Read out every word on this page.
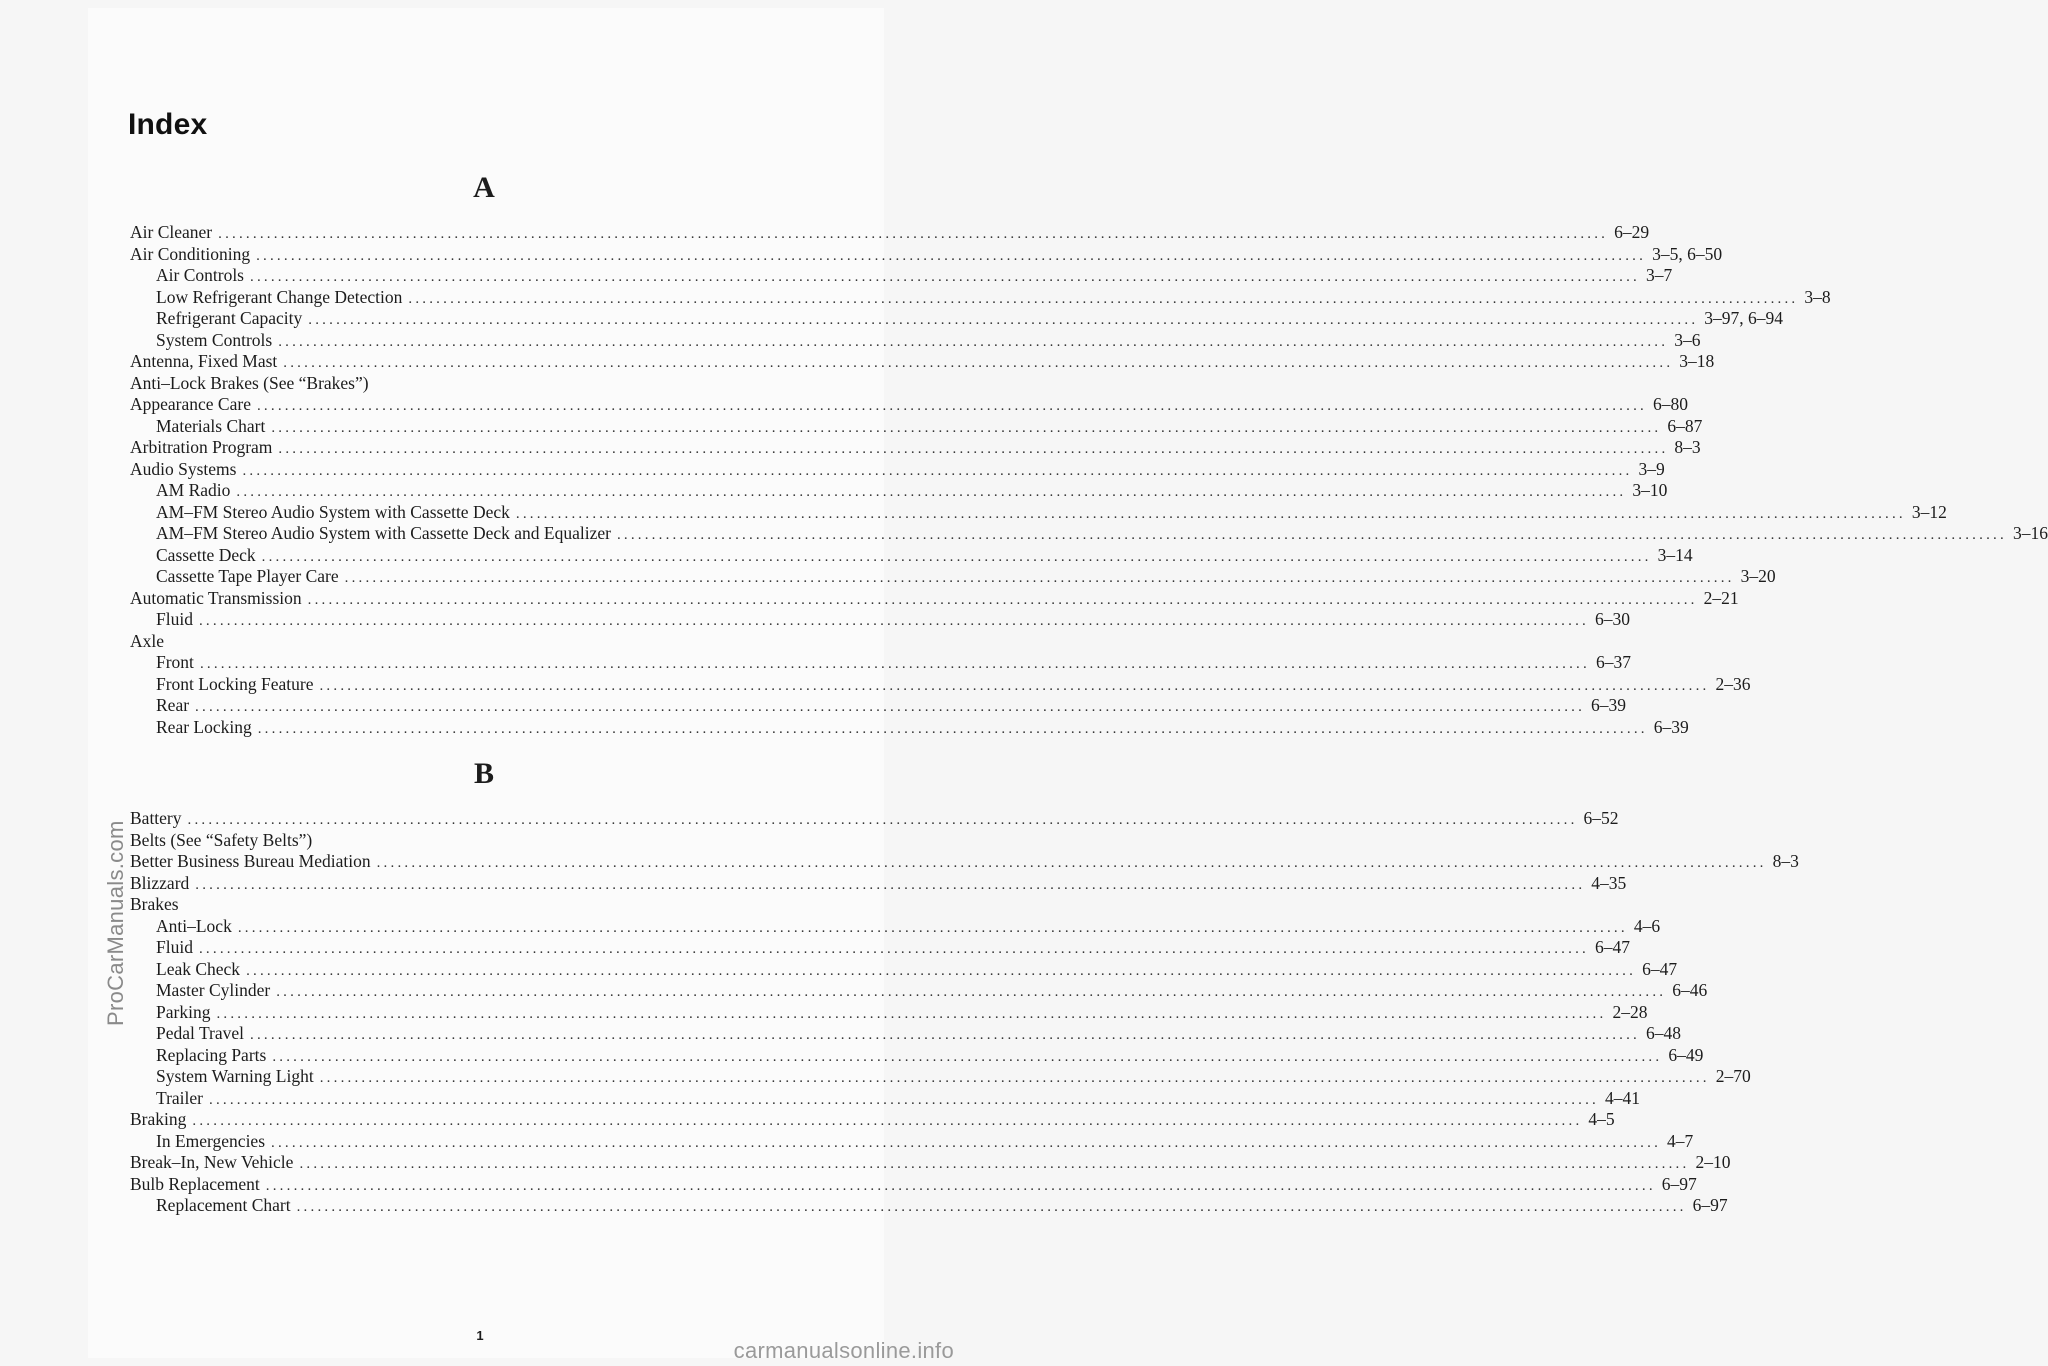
Index
A
Air Cleaner ........................................................................................................................................................................................................ 6–29
Air Conditioning ........................................................................................................................................................................................................ 3–5, 6–50
Air Controls ........................................................................................................................................................................................................ 3–7
Low Refrigerant Change Detection ........................................................................................................................................................................................................ 3–8
Refrigerant Capacity ........................................................................................................................................................................................................ 3–97, 6–94
System Controls ........................................................................................................................................................................................................ 3–6
Antenna, Fixed Mast ........................................................................................................................................................................................................ 3–18
Anti–Lock Brakes (See “Brakes”)
Appearance Care ........................................................................................................................................................................................................ 6–80
Materials Chart ........................................................................................................................................................................................................ 6–87
Arbitration Program ........................................................................................................................................................................................................ 8–3
Audio Systems ........................................................................................................................................................................................................ 3–9
AM Radio ........................................................................................................................................................................................................ 3–10
AM–FM Stereo Audio System with Cassette Deck ........................................................................................................................................................................................................ 3–12
AM–FM Stereo Audio System with Cassette Deck and Equalizer ........................................................................................................................................................................................................ 3–16
Cassette Deck ........................................................................................................................................................................................................ 3–14
Cassette Tape Player Care ........................................................................................................................................................................................................ 3–20
Automatic Transmission ........................................................................................................................................................................................................ 2–21
Fluid ........................................................................................................................................................................................................ 6–30
Axle
Front ........................................................................................................................................................................................................ 6–37
Front Locking Feature ........................................................................................................................................................................................................ 2–36
Rear ........................................................................................................................................................................................................ 6–39
Rear Locking ........................................................................................................................................................................................................ 6–39
B
Battery ........................................................................................................................................................................................................ 6–52
Belts (See “Safety Belts”)
Better Business Bureau Mediation ........................................................................................................................................................................................................ 8–3
Blizzard ........................................................................................................................................................................................................ 4–35
Brakes
Anti–Lock ........................................................................................................................................................................................................ 4–6
Fluid ........................................................................................................................................................................................................ 6–47
Leak Check ........................................................................................................................................................................................................ 6–47
Master Cylinder ........................................................................................................................................................................................................ 6–46
Parking ........................................................................................................................................................................................................ 2–28
Pedal Travel ........................................................................................................................................................................................................ 6–48
Replacing Parts ........................................................................................................................................................................................................ 6–49
System Warning Light ........................................................................................................................................................................................................ 2–70
Trailer ........................................................................................................................................................................................................ 4–41
Braking ........................................................................................................................................................................................................ 4–5
In Emergencies ........................................................................................................................................................................................................ 4–7
Break–In, New Vehicle ........................................................................................................................................................................................................ 2–10
Bulb Replacement ........................................................................................................................................................................................................ 6–97
Replacement Chart ........................................................................................................................................................................................................ 6–97
ProCarManuals.com
1
carmanualsonline.info
